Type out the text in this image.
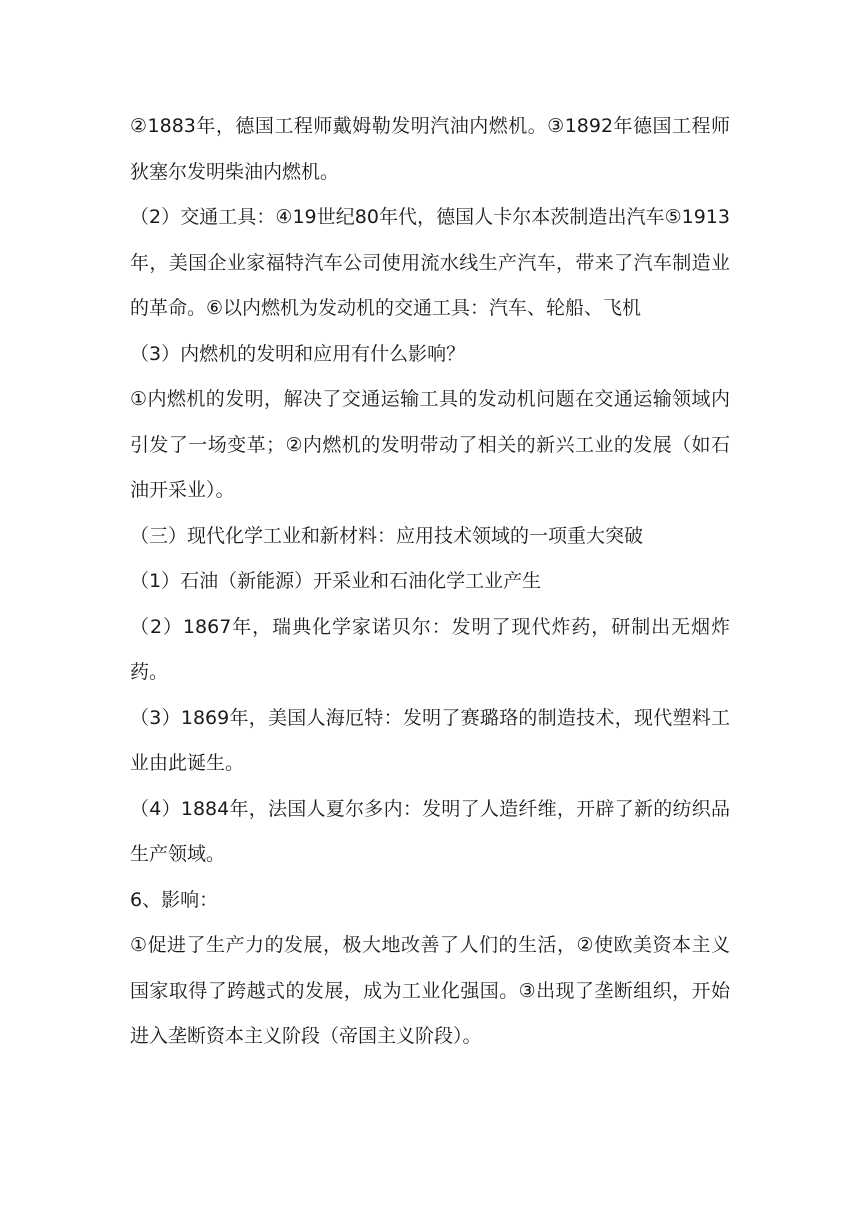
②1883年，德国工程师戴姆勒发明汽油内燃机。③1892年德国工程师狄塞尔发明柴油内燃机。

（2）交通工具：④19世纪80年代，德国人卡尔本茨制造出汽车⑤1913年，美国企业家福特汽车公司使用流水线生产汽车，带来了汽车制造业的革命。⑥以内燃机为发动机的交通工具：汽车、轮船、飞机

（3）内燃机的发明和应用有什么影响？

①内燃机的发明，解决了交通运输工具的发动机问题在交通运输领域内引发了一场变革；②内燃机的发明带动了相关的新兴工业的发展（如石油开采业）。

（三）现代化学工业和新材料：应用技术领域的一项重大突破

（1）石油（新能源）开采业和石油化学工业产生

（2）1867年，瑞典化学家诺贝尔：发明了现代炸药，研制出无烟炸药。

（3）1869年，美国人海厄特：发明了赛璐珞的制造技术，现代塑料工业由此诞生。

（4）1884年，法国人夏尔多内：发明了人造纤维，开辟了新的纺织品生产领域。

6、影响：

①促进了生产力的发展，极大地改善了人们的生活，②使欧美资本主义国家取得了跨越式的发展，成为工业化强国。③出现了垄断组织，开始进入垄断资本主义阶段（帝国主义阶段）。
